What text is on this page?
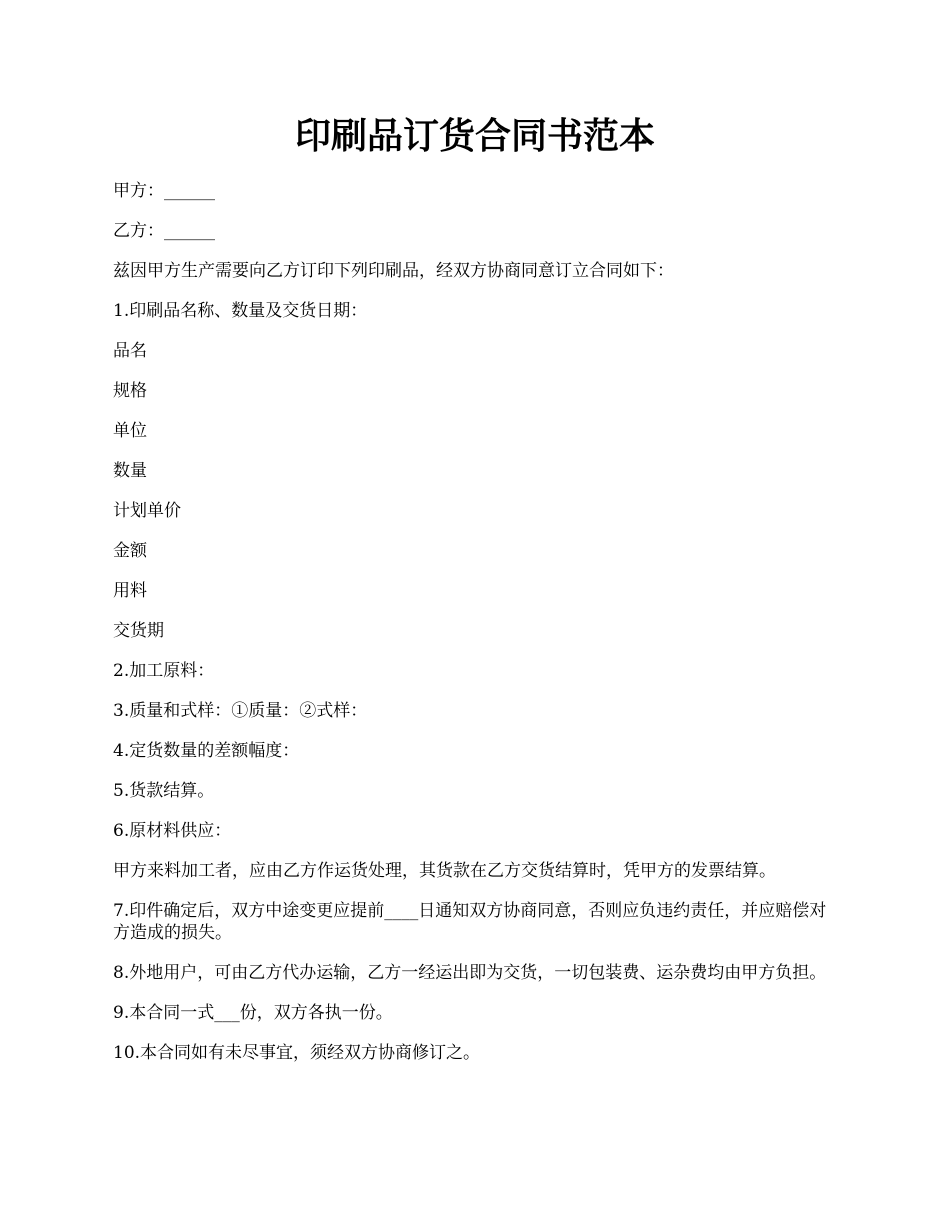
印刷品订货合同书范本
甲方：______
乙方：______
兹因甲方生产需要向乙方订印下列印刷品，经双方协商同意订立合同如下：
1.印刷品名称、数量及交货日期：
品名
规格
单位
数量
计划单价
金额
用料
交货期
2.加工原料：
3.质量和式样：①质量：②式样：
4.定货数量的差额幅度：
5.货款结算。
6.原材料供应：
甲方来料加工者，应由乙方作运货处理，其货款在乙方交货结算时，凭甲方的发票结算。
7.印件确定后，双方中途变更应提前____日通知双方协商同意，否则应负违约责任，并应赔偿对方造成的损失。
8.外地用户，可由乙方代办运输，乙方一经运出即为交货，一切包装费、运杂费均由甲方负担。
9.本合同一式___份，双方各执一份。
10.本合同如有未尽事宜，须经双方协商修订之。
